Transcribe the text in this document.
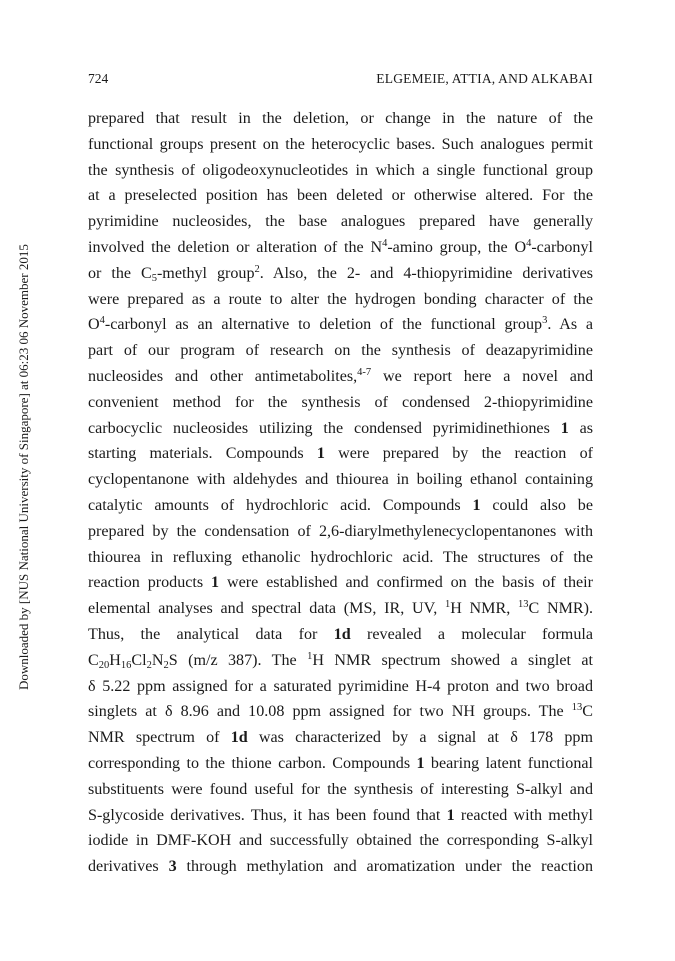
724	ELGEMEIE, ATTIA, AND ALKABAI
Downloaded by [NUS National University of Singapore] at 06:23 06 November 2015
prepared that result in the deletion, or change in the nature of the
functional groups present on the heterocyclic bases. Such analogues permit
the synthesis of oligodeoxynucleotides in which a single functional group
at a preselected position has been deleted or otherwise altered. For the
pyrimidine nucleosides, the base analogues prepared have generally
involved the deletion or alteration of the $N^4$-amino group, the $O^4$-carbonyl
or the $C_5$-methyl group$^2$. Also, the 2- and 4-thiopyrimidine derivatives
were prepared as a route to alter the hydrogen bonding character of the
$O^4$-carbonyl as an alternative to deletion of the functional group$^3$. As a
part of our program of research on the synthesis of deazapyrimidine
nucleosides and other antimetabolites,$^{4-7}$ we report here a novel and
convenient method for the synthesis of condensed 2-thiopyrimidine
carbocyclic nucleosides utilizing the condensed pyrimidinethiones 1 as
starting materials. Compounds 1 were prepared by the reaction of
cyclopentanone with aldehydes and thiourea in boiling ethanol containing
catalytic amounts of hydrochloric acid. Compounds 1 could also be
prepared by the condensation of 2,6-diarylmethylenecyclopentanones with
thiourea in refluxing ethanolic hydrochloric acid. The structures of the
reaction products 1 were established and confirmed on the basis of their
elemental analyses and spectral data (MS, IR, UV, $^1$H NMR, $^{13}$C NMR).
Thus, the analytical data for 1d revealed a molecular formula
$C_{20}H_{16}Cl_2N_2S$ (m/z 387). The $^1$H NMR spectrum showed a singlet at
δ 5.22 ppm assigned for a saturated pyrimidine H-4 proton and two broad
singlets at δ 8.96 and 10.08 ppm assigned for two NH groups. The $^{13}$C
NMR spectrum of 1d was characterized by a signal at δ 178 ppm
corresponding to the thione carbon. Compounds 1 bearing latent functional
substituents were found useful for the synthesis of interesting S-alkyl and
S-glycoside derivatives. Thus, it has been found that 1 reacted with methyl
iodide in DMF-KOH and successfully obtained the corresponding S-alkyl
derivatives 3 through methylation and aromatization under the reaction
